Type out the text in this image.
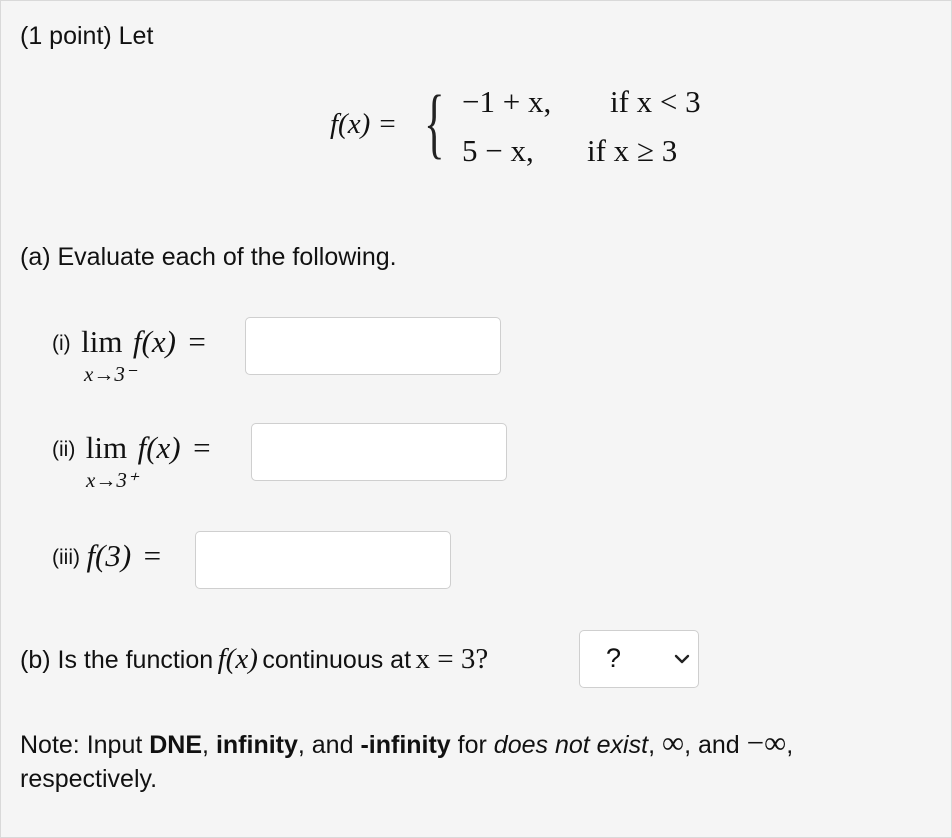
(1 point) Let
f(x) = { −1 + x, if x < 3
5 − x, if x ≥ 3
(a) Evaluate each of the following.
(i) lim f(x) =
x→3⁻
(ii) lim f(x) =
x→3⁺
(iii) f(3) =
(b) Is the function f(x) continuous at x = 3?	?
Note: Input DNE, infinity, and -infinity for does not exist, ∞, and −∞,
respectively.
